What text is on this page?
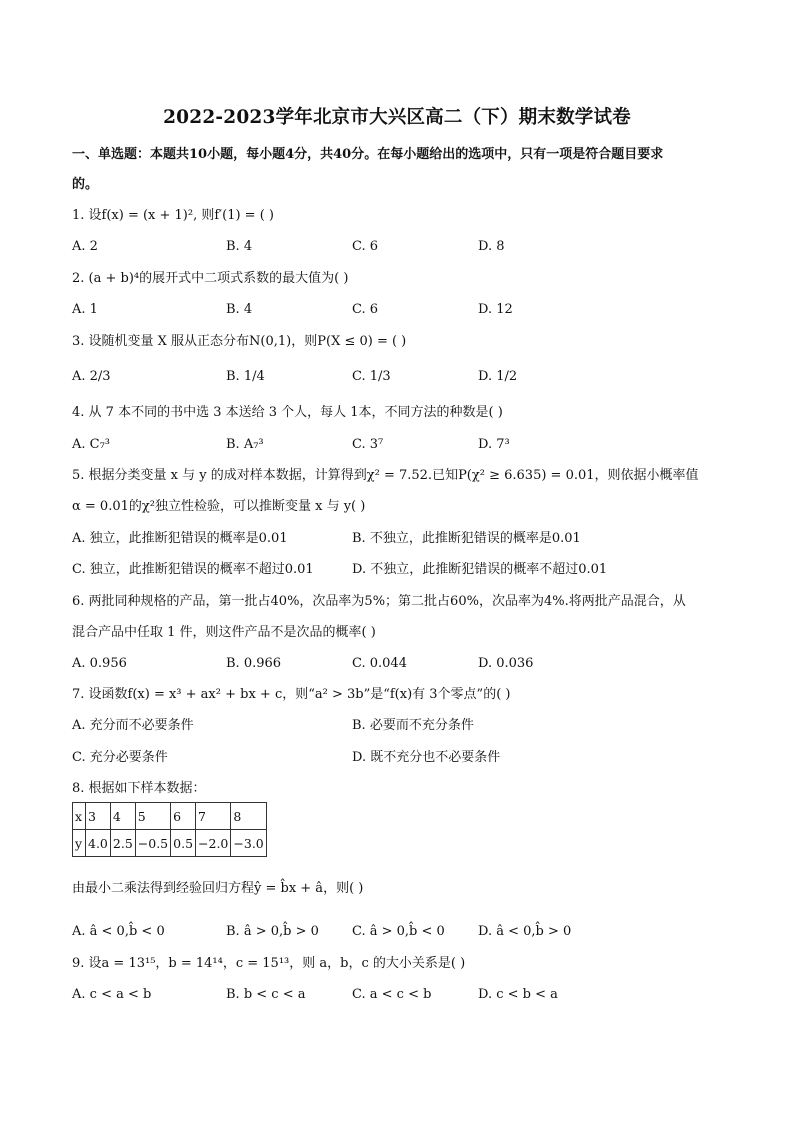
2022-2023学年北京市大兴区高二（下）期末数学试卷
一、单选题：本题共10小题，每小题4分，共40分。在每小题给出的选项中，只有一项是符合题目要求
的。
1. 设f(x) = (x + 1)², 则f′(1) = ( )
A. 2	B. 4	C. 6	D. 8
2. (a + b)⁴的展开式中二项式系数的最大值为( )
A. 1	B. 4	C. 6	D. 12
3. 设随机变量 X 服从正态分布N(0,1)，则P(X ≤ 0) = ( )
A. 2/3	B. 1/4	C. 1/3	D. 1/2
4. 从 7 本不同的书中选 3 本送给 3 个人，每人 1本，不同方法的种数是( )
A. C₇³	B. A₇³	C. 3⁷	D. 7³
5. 根据分类变量 x 与 y 的成对样本数据，计算得到χ² = 7.52.已知P(χ² ≥ 6.635) = 0.01，则依据小概率值
α = 0.01的χ²独立性检验，可以推断变量 x 与 y( )
A. 独立，此推断犯错误的概率是0.01	B. 不独立，此推断犯错误的概率是0.01
C. 独立，此推断犯错误的概率不超过0.01	D. 不独立，此推断犯错误的概率不超过0.01
6. 两批同种规格的产品，第一批占40%，次品率为5%；第二批占60%，次品率为4%.将两批产品混合，从
混合产品中任取 1 件，则这件产品不是次品的概率( )
A. 0.956	B. 0.966	C. 0.044	D. 0.036
7. 设函数f(x) = x³ + ax² + bx + c，则“a² > 3b”是“f(x)有 3个零点”的( )
A. 充分而不必要条件	B. 必要而不充分条件
C. 充分必要条件	D. 既不充分也不必要条件
8. 根据如下样本数据：
x	3	4	5	6	7	8
y	4.0	2.5	−0.5	0.5	−2.0	−3.0
由最小二乘法得到经验回归方程ŷ = b̂x + â，则( )
A. â < 0,b̂ < 0	B. â > 0,b̂ > 0	C. â > 0,b̂ < 0	D. â < 0,b̂ > 0
9. 设a = 13¹⁵，b = 14¹⁴，c = 15¹³，则 a，b，c 的大小关系是( )
A. c < a < b	B. b < c < a	C. a < c < b	D. c < b < a
